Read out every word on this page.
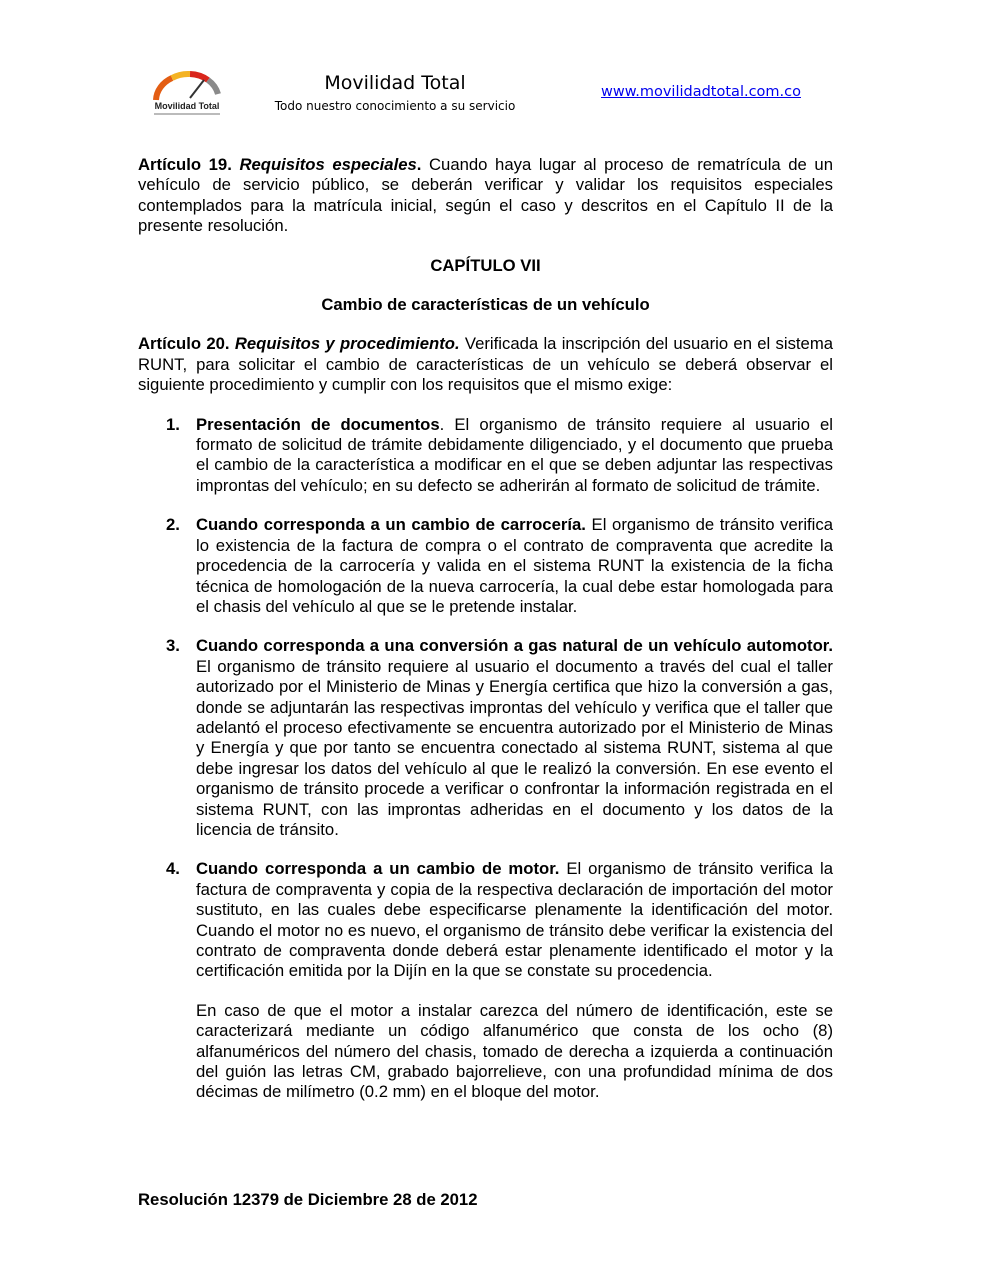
Movilidad Total
Movilidad Total
Todo nuestro conocimiento a su servicio
www.movilidadtotal.com.co

Artículo 19. Requisitos especiales. Cuando haya lugar al proceso de rematrícula de un vehículo de servicio público, se deberán verificar y validar los requisitos especiales contemplados para la matrícula inicial, según el caso y descritos en el Capítulo II de la presente resolución.

CAPÍTULO VII

Cambio de características de un vehículo

Artículo 20. Requisitos y procedimiento. Verificada la inscripción del usuario en el sistema RUNT, para solicitar el cambio de características de un vehículo se deberá observar el siguiente procedimiento y cumplir con los requisitos que el mismo exige:

1. Presentación de documentos. El organismo de tránsito requiere al usuario el formato de solicitud de trámite debidamente diligenciado, y el documento que prueba el cambio de la característica a modificar en el que se deben adjuntar las respectivas improntas del vehículo; en su defecto se adherirán al formato de solicitud de trámite.

2. Cuando corresponda a un cambio de carrocería. El organismo de tránsito verifica lo existencia de la factura de compra o el contrato de compraventa que acredite la procedencia de la carrocería y valida en el sistema RUNT la existencia de la ficha técnica de homologación de la nueva carrocería, la cual debe estar homologada para el chasis del vehículo al que se le pretende instalar.

3. Cuando corresponda a una conversión a gas natural de un vehículo automotor. El organismo de tránsito requiere al usuario el documento a través del cual el taller autorizado por el Ministerio de Minas y Energía certifica que hizo la conversión a gas, donde se adjuntarán las respectivas improntas del vehículo y verifica que el taller que adelantó el proceso efectivamente se encuentra autorizado por el Ministerio de Minas y Energía y que por tanto se encuentra conectado al sistema RUNT, sistema al que debe ingresar los datos del vehículo al que le realizó la conversión. En ese evento el organismo de tránsito procede a verificar o confrontar la información registrada en el sistema RUNT, con las improntas adheridas en el documento y los datos de la licencia de tránsito.

4. Cuando corresponda a un cambio de motor. El organismo de tránsito verifica la factura de compraventa y copia de la respectiva declaración de importación del motor sustituto, en las cuales debe especificarse plenamente la identificación del motor. Cuando el motor no es nuevo, el organismo de tránsito debe verificar la existencia del contrato de compraventa donde deberá estar plenamente identificado el motor y la certificación emitida por la Dijín en la que se constate su procedencia.

En caso de que el motor a instalar carezca del número de identificación, este se caracterizará mediante un código alfanumérico que consta de los ocho (8) alfanuméricos del número del chasis, tomado de derecha a izquierda a continuación del guión las letras CM, grabado bajorrelieve, con una profundidad mínima de dos décimas de milímetro (0.2 mm) en el bloque del motor.

Resolución 12379 de Diciembre 28 de 2012
